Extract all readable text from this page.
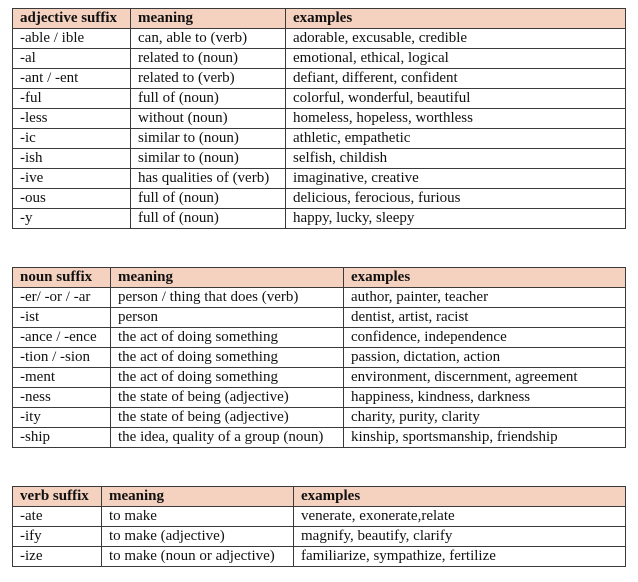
adjective suffix	meaning	examples
-able / ible	can, able to (verb)	adorable, excusable, credible
-al	related to (noun)	emotional, ethical, logical
-ant / -ent	related to (verb)	defiant, different, confident
-ful	full of (noun)	colorful, wonderful, beautiful
-less	without (noun)	homeless, hopeless, worthless
-ic	similar to (noun)	athletic, empathetic
-ish	similar to (noun)	selfish, childish
-ive	has qualities of (verb)	imaginative, creative
-ous	full of (noun)	delicious, ferocious, furious
-y	full of (noun)	happy, lucky, sleepy
noun suffix	meaning	examples
-er/ -or / -ar	person / thing that does (verb)	author, painter, teacher
-ist	person	dentist, artist, racist
-ance / -ence	the act of doing something	confidence, independence
-tion / -sion	the act of doing something	passion, dictation, action
-ment	the act of doing something	environment, discernment, agreement
-ness	the state of being (adjective)	happiness, kindness, darkness
-ity	the state of being (adjective)	charity, purity, clarity
-ship	the idea, quality of a group (noun)	kinship, sportsmanship, friendship
verb suffix	meaning	examples
-ate	to make	venerate, exonerate,relate
-ify	to make (adjective)	magnify, beautify, clarify
-ize	to make (noun or adjective)	familiarize, sympathize, fertilize
